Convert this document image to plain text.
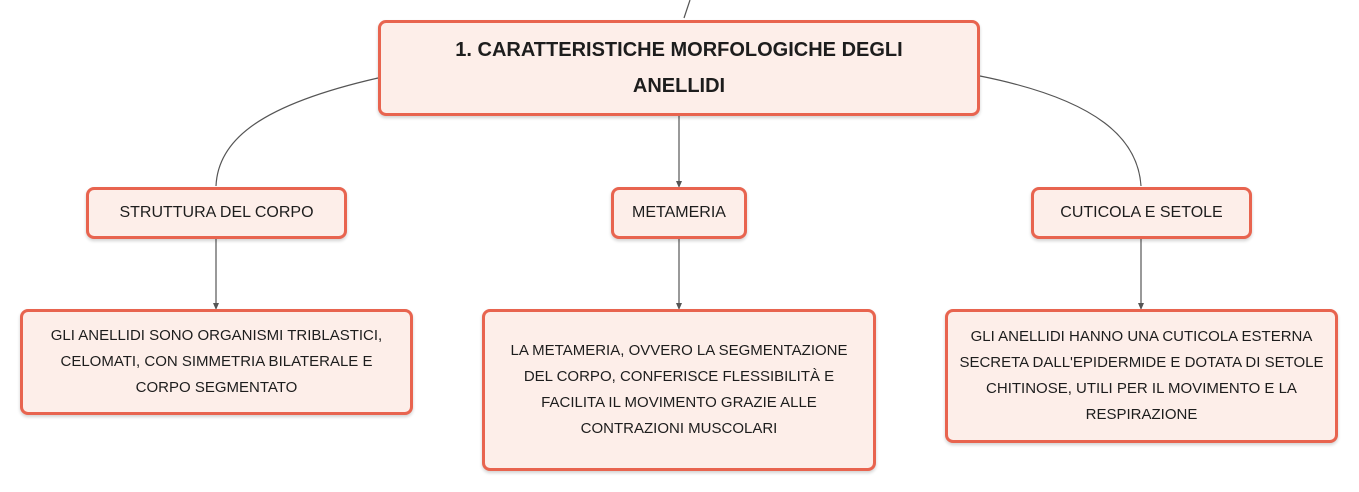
1. CARATTERISTICHE MORFOLOGICHE DEGLI ANELLIDI
STRUTTURA DEL CORPO	METAMERIA	CUTICOLA E SETOLE
GLI ANELLIDI SONO ORGANISMI TRIBLASTICI, CELOMATI, CON SIMMETRIA BILATERALE E CORPO SEGMENTATO
LA METAMERIA, OVVERO LA SEGMENTAZIONE DEL CORPO, CONFERISCE FLESSIBILITÀ E FACILITA IL MOVIMENTO GRAZIE ALLE CONTRAZIONI MUSCOLARI
GLI ANELLIDI HANNO UNA CUTICOLA ESTERNA SECRETA DALL'EPIDERMIDE E DOTATA DI SETOLE CHITINOSE, UTILI PER IL MOVIMENTO E LA RESPIRAZIONE
